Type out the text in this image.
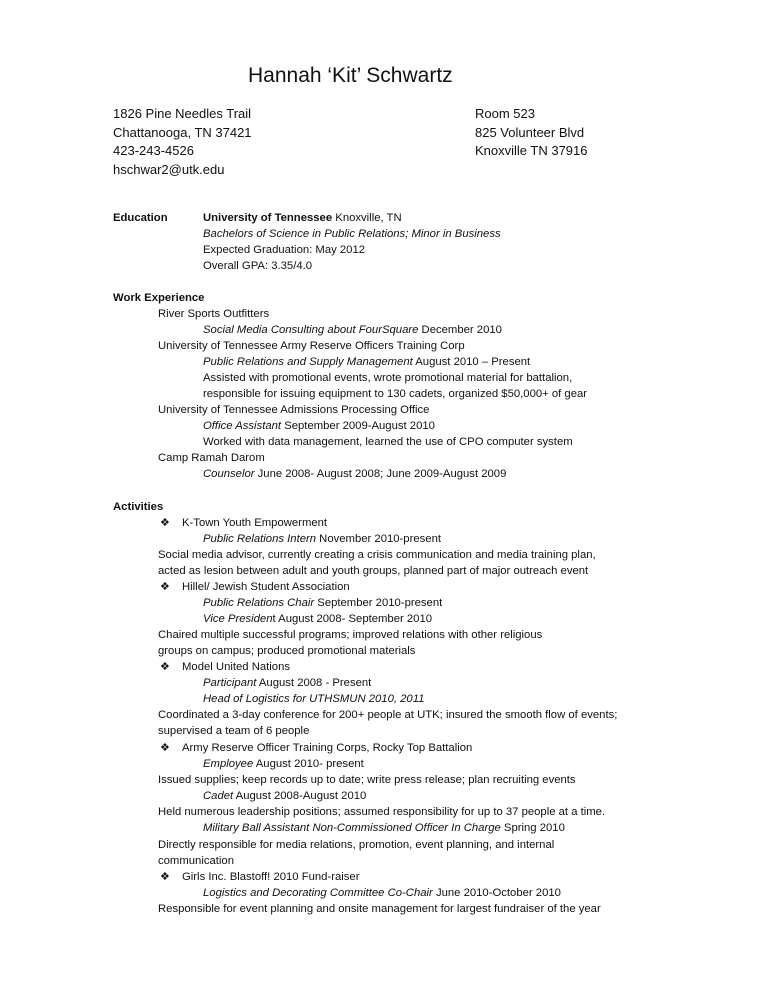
Hannah ‘Kit’ Schwartz
1826 Pine Needles Trail
Chattanooga, TN 37421
423-243-4526
hschwar2@utk.edu
Room 523
825 Volunteer Blvd
Knoxville TN 37916
Education	University of Tennessee Knoxville, TN
Bachelors of Science in Public Relations; Minor in Business
Expected Graduation: May 2012
Overall GPA: 3.35/4.0
Work Experience
River Sports Outfitters
Social Media Consulting about FourSquare December 2010
University of Tennessee Army Reserve Officers Training Corp
Public Relations and Supply Management August 2010 – Present
Assisted with promotional events, wrote promotional material for battalion,
responsible for issuing equipment to 130 cadets, organized $50,000+ of gear
University of Tennessee Admissions Processing Office
Office Assistant September 2009-August 2010
Worked with data management, learned the use of CPO computer system
Camp Ramah Darom
Counselor June 2008- August 2008; June 2009-August 2009
Activities
❖ K-Town Youth Empowerment
Public Relations Intern November 2010-present
Social media advisor, currently creating a crisis communication and media training plan,
acted as lesion between adult and youth groups, planned part of major outreach event
❖ Hillel/ Jewish Student Association
Public Relations Chair September 2010-present
Vice President August 2008- September 2010
Chaired multiple successful programs; improved relations with other religious
groups on campus; produced promotional materials
❖ Model United Nations
Participant August 2008 - Present
Head of Logistics for UTHSMUN 2010, 2011
Coordinated a 3-day conference for 200+ people at UTK; insured the smooth flow of events;
supervised a team of 6 people
❖ Army Reserve Officer Training Corps, Rocky Top Battalion
Employee August 2010- present
Issued supplies; keep records up to date; write press release; plan recruiting events
Cadet August 2008-August 2010
Held numerous leadership positions; assumed responsibility for up to 37 people at a time.
Military Ball Assistant Non-Commissioned Officer In Charge Spring 2010
Directly responsible for media relations, promotion, event planning, and internal
communication
❖ Girls Inc. Blastoff! 2010 Fund-raiser
Logistics and Decorating Committee Co-Chair June 2010-October 2010
Responsible for event planning and onsite management for largest fundraiser of the year
